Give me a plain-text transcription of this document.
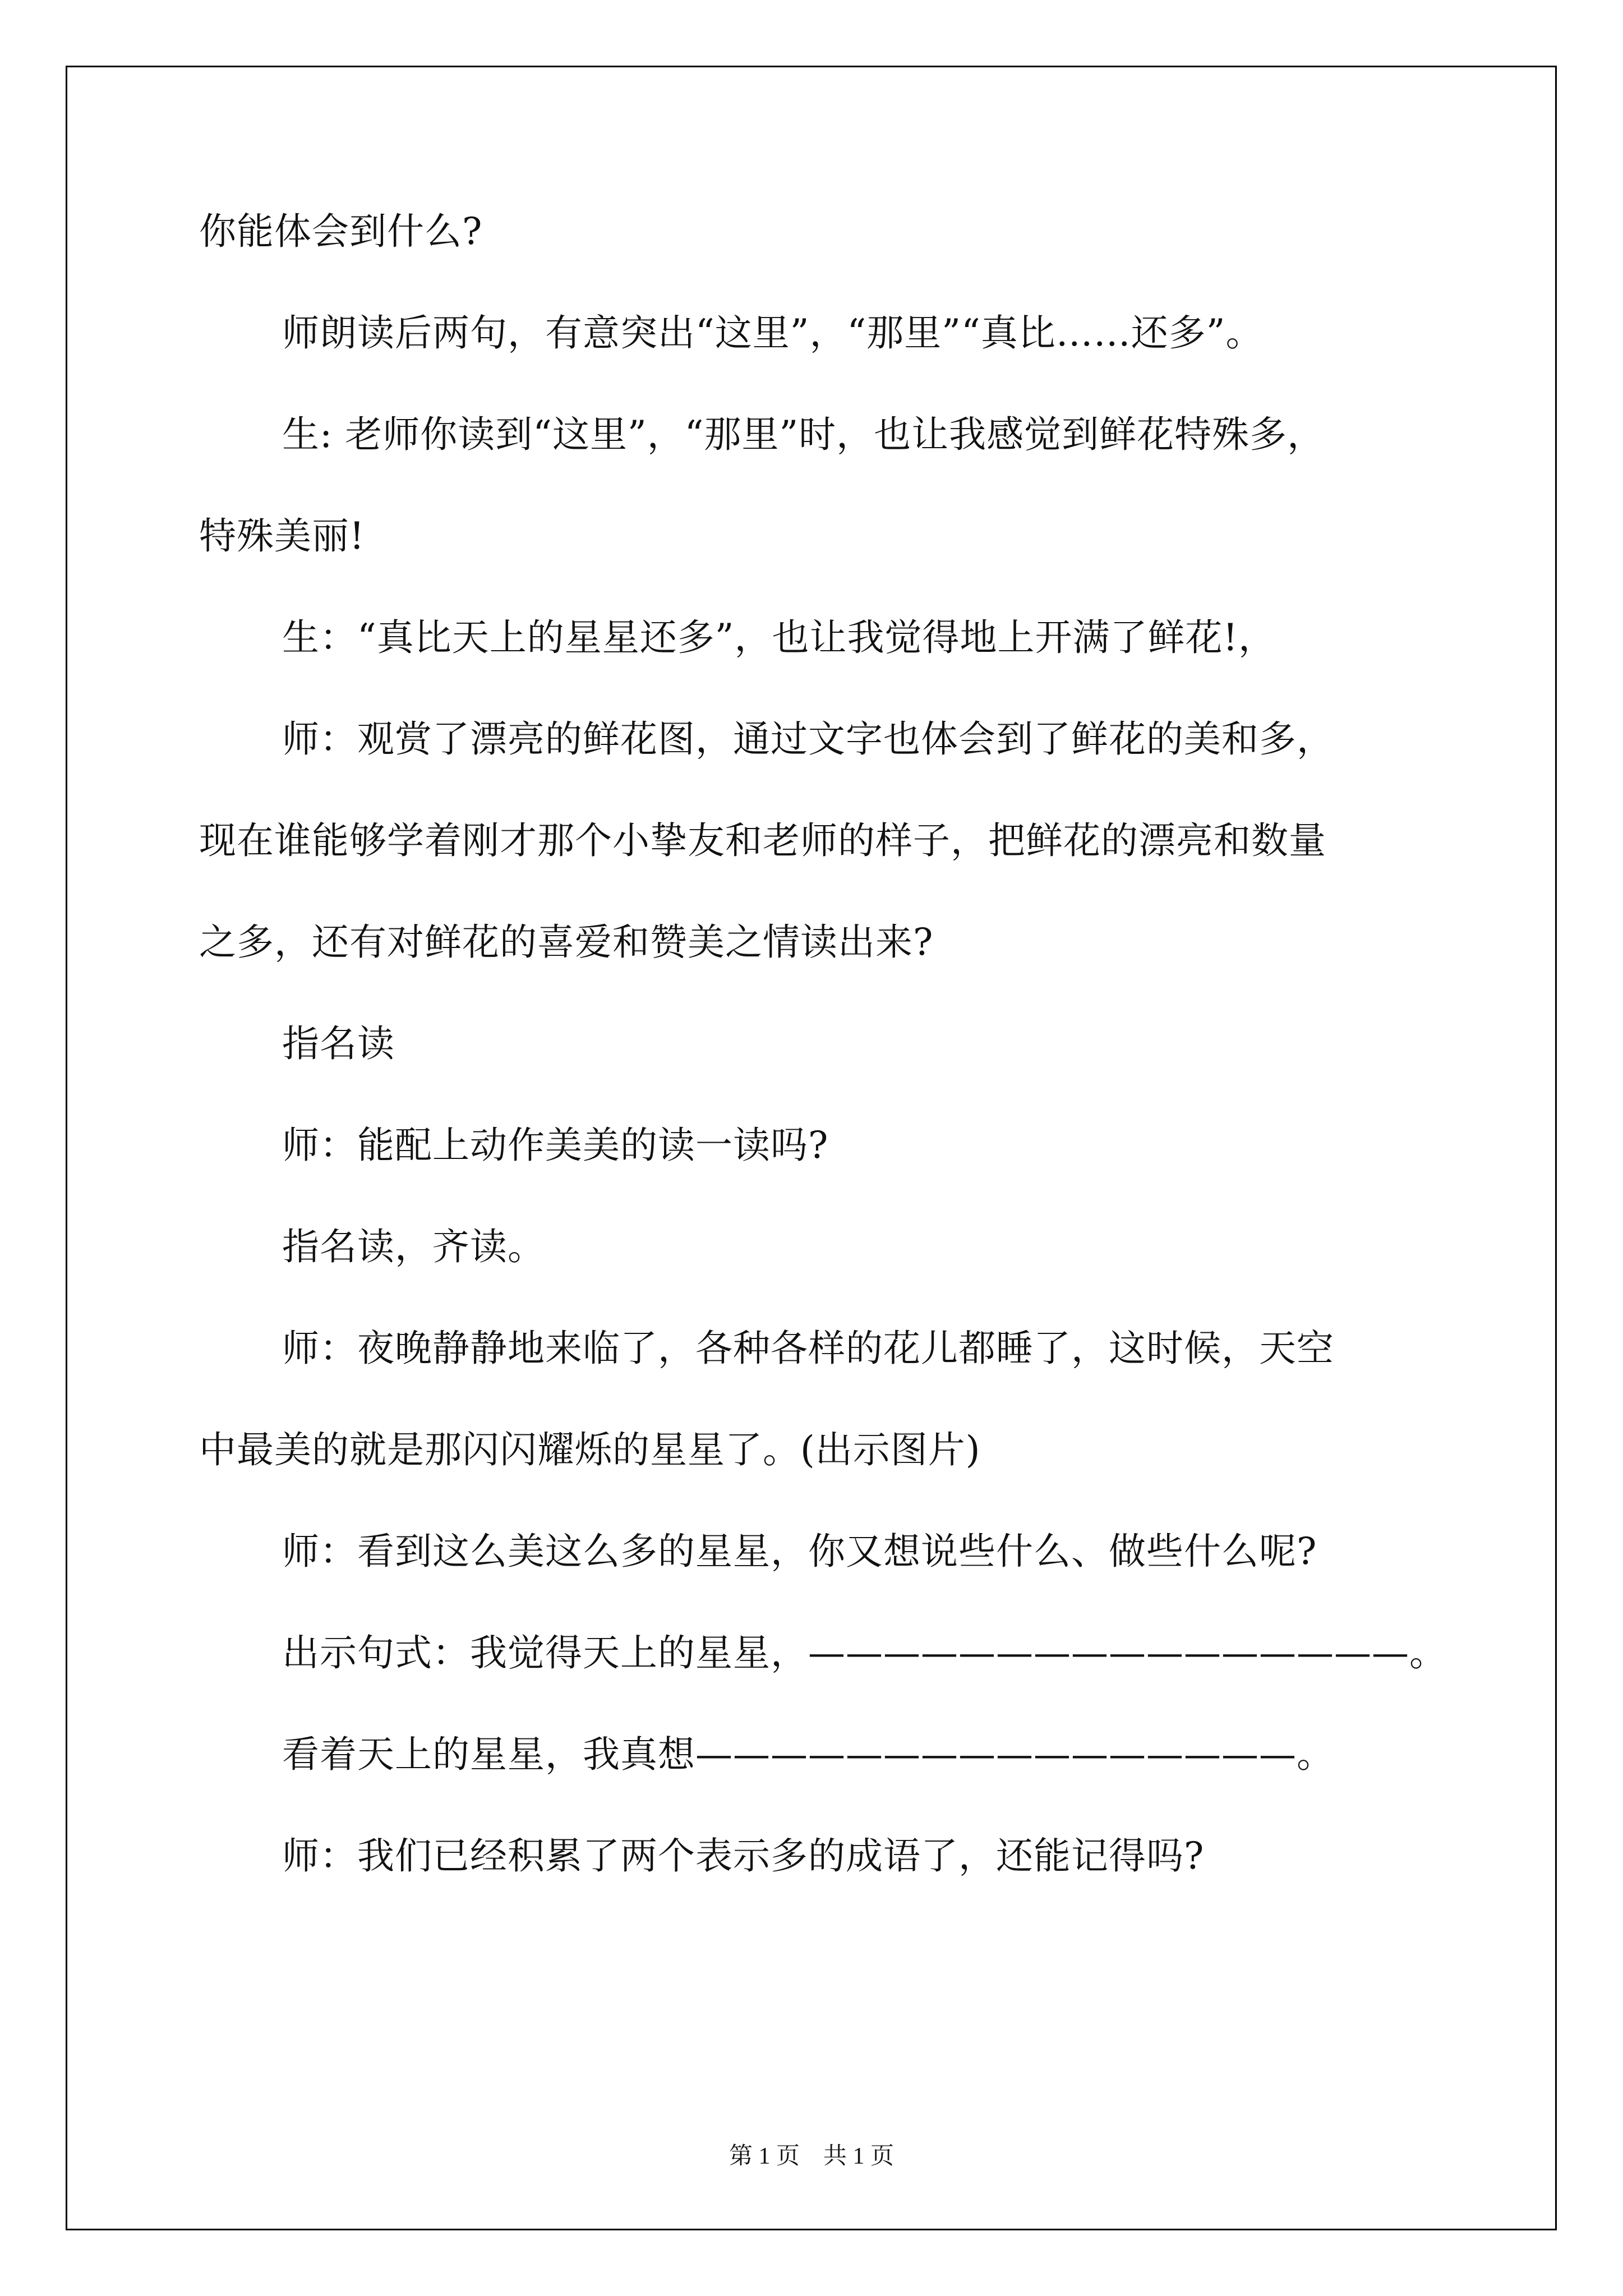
你能体会到什么?
师朗读后两句，有意突出“这里”，“那里”“真比……还多”。
生: 老师你读到“这里”，“那里”时，也让我感觉到鲜花特殊多，
特殊美丽!
生：“真比天上的星星还多”，也让我觉得地上开满了鲜花!，
师：观赏了漂亮的鲜花图，通过文字也体会到了鲜花的美和多，
现在谁能够学着刚才那个小挚友和老师的样子，把鲜花的漂亮和数量
之多，还有对鲜花的喜爱和赞美之情读出来?
指名读
师：能配上动作美美的读一读吗?
指名读，齐读。
师：夜晚静静地来临了，各种各样的花儿都睡了，这时候，天空
中最美的就是那闪闪耀烁的星星了。(出示图片)
师：看到这么美这么多的星星，你又想说些什么、做些什么呢?
出示句式：我觉得天上的星星，————————————————。
看着天上的星星，我真想————————————————。
师：我们已经积累了两个表示多的成语了，还能记得吗?
第 1 页    共 1 页
